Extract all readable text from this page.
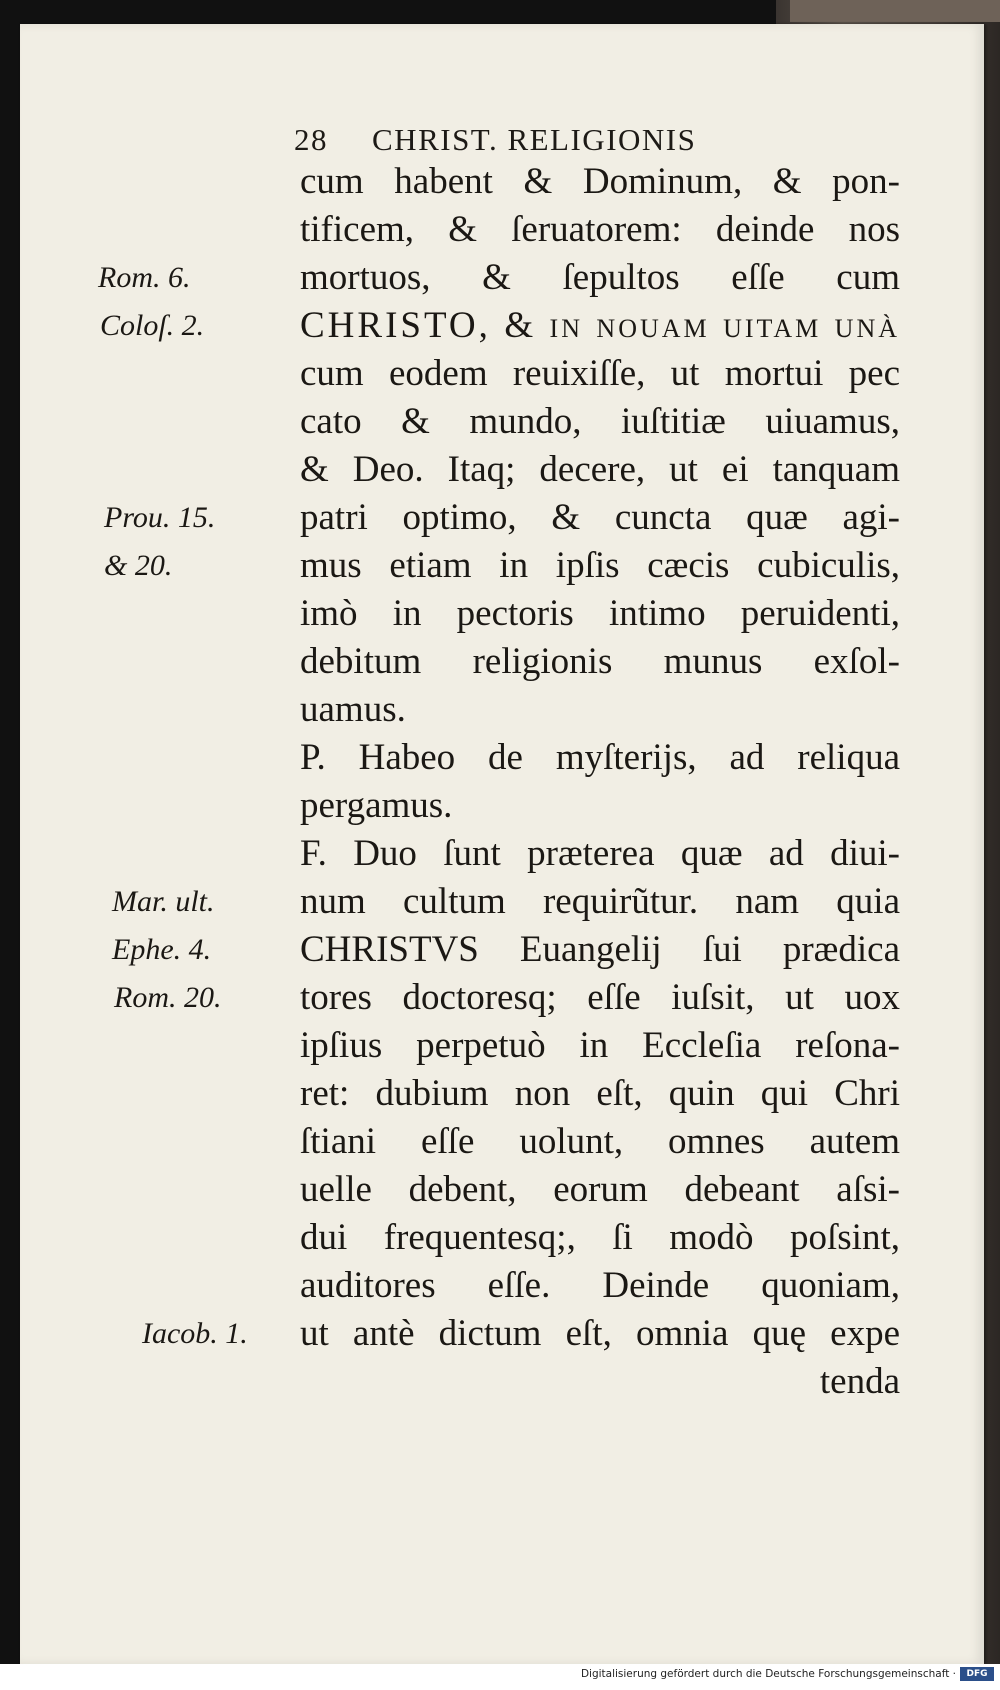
28 CHRIST. RELIGIONIS
cum habent & Dominum, & pon-
tificem, & ſeruatorem: deinde nos
mortuos, & ſepultos eſſe cum
CHRISTO, & in nouam uitam unà
cum eodem reuixiſſe, ut mortui pec
cato & mundo, iuſtitiæ uiuamus,
& Deo. Itaq; decere, ut ei tanquam
patri optimo, & cuncta quæ agi-
mus etiam in ipſis cæcis cubiculis,
imò in pectoris intimo peruidenti,
debitum religionis munus exſol-
uamus.
P. Habeo de myſterijs, ad reliqua
pergamus.
F. Duo ſunt præterea quæ ad diui-
num cultum requirũtur. nam quia
CHRISTVS Euangelij ſui prædica
tores doctoresq; eſſe iuſsit, ut uox
ipſius perpetuò in Eccleſia reſona-
ret: dubium non eſt, quin qui Chri
ſtiani eſſe uolunt, omnes autem
uelle debent, eorum debeant aſsi-
dui frequentesq;, ſi modò poſsint,
auditores eſſe. Deinde quoniam,
ut antè dictum eſt, omnia quę expe
tenda
Rom. 6.
Coloſ. 2.
Prou. 15.
& 20.
Mar. ult.
Ephe. 4.
Rom. 20.
Iacob. 1.
Digitalisierung gefördert durch die Deutsche Forschungsgemeinschaft ·	DFG
